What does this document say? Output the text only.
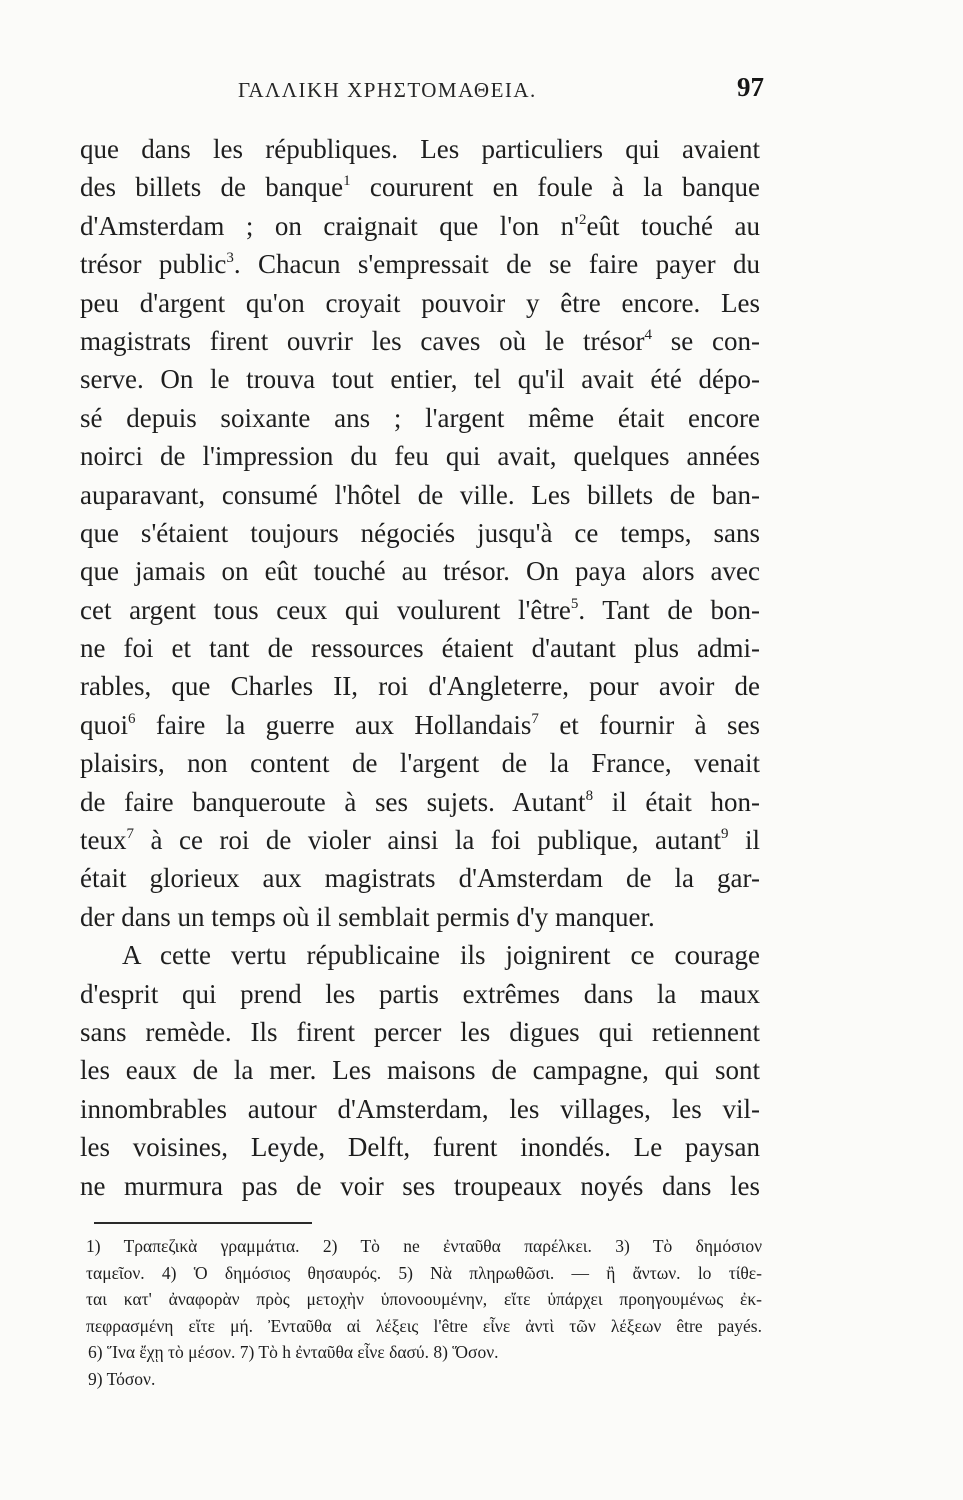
ΓΑΛΛΙΚΗ ΧΡΗΣΤΟΜΑΘΕΙΑ.	97
que dans les républiques. Les particuliers qui avaient
des billets de banque$^1$ coururent en foule à la banque
d'Amsterdam ; on craignait que l'on $n'^2eût$ touché au
trésor public$^3$. Chacun s'empressait de se faire payer du
peu d'argent qu'on croyait pouvoir y être encore. Les
magistrats firent ouvrir les caves où le trésor$^4$ se con-
serve. On le trouva tout entier, tel qu'il avait été dépo-
sé depuis soixante ans ; l'argent même était encore
noirci de l'impression du feu qui avait, quelques années
auparavant, consumé l'hôtel de ville. Les billets de ban-
que s'étaient toujours négociés jusqu'à ce temps, sans
que jamais on eût touché au trésor. On paya alors avec
cet argent tous ceux qui voulurent l'être$^5$. Tant de bon-
ne foi et tant de ressources étaient d'autant plus admi-
rables, que Charles II, roi d'Angleterre, pour avoir de
quoi$^6$ faire la guerre aux Hollandais$^7$ et fournir à ses
plaisirs, non content de l'argent de la France, venait
de faire banqueroute à ses sujets. Autant$^8$ il était hon-
teux$^7$ à ce roi de violer ainsi la foi publique, autant$^9$ il
était glorieux aux magistrats d'Amsterdam de la gar-
der dans un temps où il semblait permis d'y manquer.
A cette vertu républicaine ils joignirent ce courage
d'esprit qui prend les partis extrêmes dans la maux
sans remède. Ils firent percer les digues qui retiennent
les eaux de la mer. Les maisons de campagne, qui sont
innombrables autour d'Amsterdam, les villages, les vil-
les voisines, Leyde, Delft, furent inondés. Le paysan
ne murmura pas de voir ses troupeaux noyés dans les
1) Τραπεζικὰ γραμμάτια. 2) Τὸ ne ἐνταῦθα παρέλκει. 3) Τὸ δημόσιον
ταμεῖον. 4) Ὁ δημόσιος θησαυρός. 5) Νὰ πληρωθῶσι. — ἢ ἄντων. lo τίθε-
ται κατ' ἀναφορὰν πρὸς μετοχὴν ὑπονοουμένην, εἴτε ὑπάρχει προηγουμένως ἐκ-
πεφρασμένη εἴτε μή. Ἐνταῦθα αἱ λέξεις l'être εἶνε ἀντὶ τῶν λέξεων être payés.
6) Ἵνα ἔχῃ τὸ μέσον. 7) Τὸ h ἐνταῦθα εἶνε δασύ. 8) Ὅσον.
9) Τόσον.
